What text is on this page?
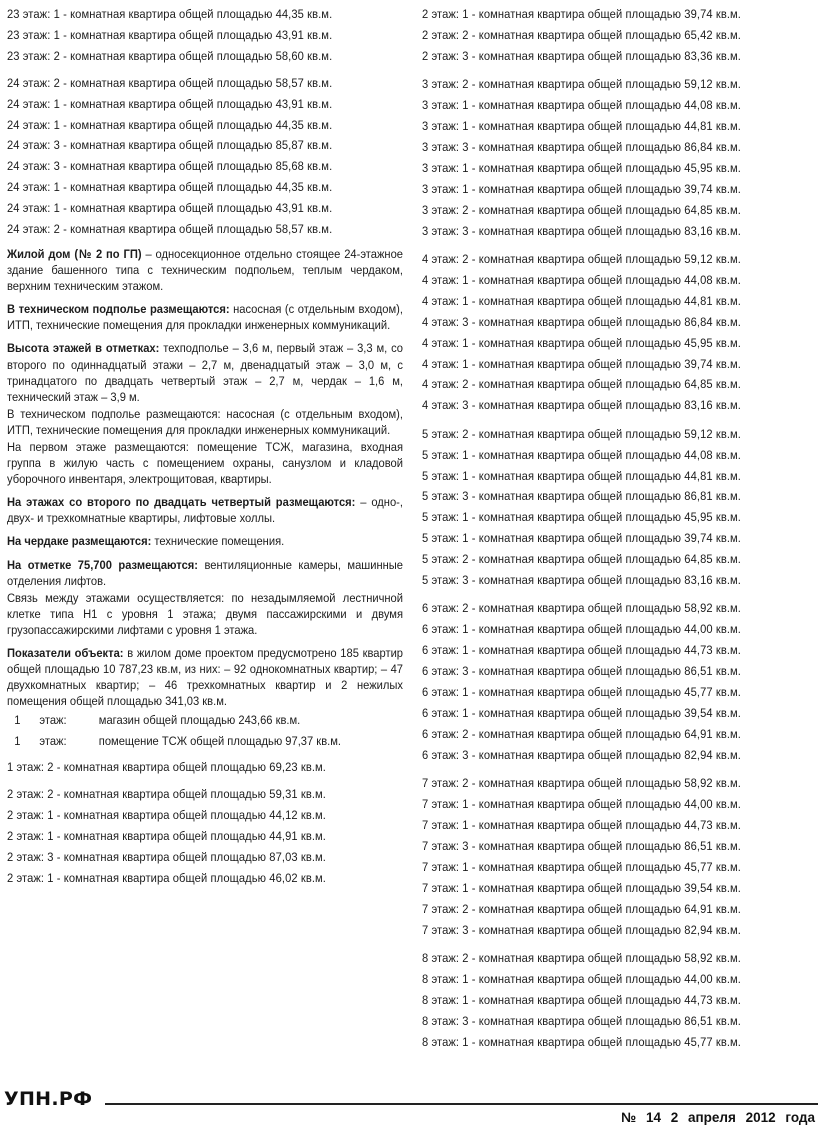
23 этаж: 1 - комнатная квартира общей площадью 44,35 кв.м.
23 этаж: 1 - комнатная квартира общей площадью 43,91 кв.м.
23 этаж: 2 - комнатная квартира общей площадью 58,60 кв.м.
24 этаж: 2 - комнатная квартира общей площадью 58,57 кв.м.
24 этаж: 1 - комнатная квартира общей площадью 43,91 кв.м.
24 этаж: 1 - комнатная квартира общей площадью 44,35 кв.м.
24 этаж: 3 - комнатная квартира общей площадью 85,87 кв.м.
24 этаж: 3 - комнатная квартира общей площадью 85,68 кв.м.
24 этаж: 1 - комнатная квартира общей площадью 44,35 кв.м.
24 этаж: 1 - комнатная квартира общей площадью 43,91 кв.м.
24 этаж: 2 - комнатная квартира общей площадью 58,57 кв.м.
Жилой дом (№ 2 по ГП) – односекционное отдельно стоящее 24-этажное здание башенного типа с техническим подпольем, теплым чердаком, верхним техническим этажом.
В техническом подполье размещаются: насосная (с отдельным входом), ИТП, технические помещения для прокладки инженерных коммуникаций.
Высота этажей в отметках: техподполье – 3,6 м, первый этаж – 3,3 м, со второго по одиннадцатый этажи – 2,7 м, двенадцатый этаж – 3,0 м, с тринадцатого по двадцать четвертый этаж – 2,7 м, чердак – 1,6 м, технический этаж – 3,9 м.
В техническом подполье размещаются: насосная (с отдельным входом), ИТП, технические помещения для прокладки инженерных коммуникаций.
На первом этаже размещаются: помещение ТСЖ, магазина, входная группа в жилую часть с помещением охраны, санузлом и кладовой уборочного инвентаря, электрощитовая, квартиры.
На этажах со второго по двадцать четвертый размещаются: – одно-, двух- и трехкомнатные квартиры, лифтовые холлы.
На чердаке размещаются: технические помещения.
На отметке 75,700 размещаются: вентиляционные камеры, машинные отделения лифтов.
Связь между этажами осуществляется: по незадымляемой лестничной клетке типа Н1 с уровня 1 этажа; двумя пассажирскими и двумя грузопассажирскими лифтами с уровня 1 этажа.
Показатели объекта: в жилом доме проектом предусмотрено 185 квартир общей площадью 10 787,23 кв.м, из них: – 92 однокомнатных квартир; – 47 двухкомнатных квартир; – 46 трехкомнатных квартир и 2 нежилых помещения общей площадью 341,03 кв.м.
1 этаж:	магазин общей площадью 243,66 кв.м.
1 этаж:	помещение ТСЖ общей площадью 97,37 кв.м.
1 этаж: 2 - комнатная квартира общей площадью 69,23 кв.м.
2 этаж: 2 - комнатная квартира общей площадью 59,31 кв.м.
2 этаж: 1 - комнатная квартира общей площадью 44,12 кв.м.
2 этаж: 1 - комнатная квартира общей площадью 44,91 кв.м.
2 этаж: 3 - комнатная квартира общей площадью 87,03 кв.м.
2 этаж: 1 - комнатная квартира общей площадью 46,02 кв.м.
2 этаж: 1 - комнатная квартира общей площадью 39,74 кв.м.
2 этаж: 2 - комнатная квартира общей площадью 65,42 кв.м.
2 этаж: 3 - комнатная квартира общей площадью 83,36 кв.м.
3 этаж: 2 - комнатная квартира общей площадью 59,12 кв.м.
3 этаж: 1 - комнатная квартира общей площадью 44,08 кв.м.
3 этаж: 1 - комнатная квартира общей площадью 44,81 кв.м.
3 этаж: 3 - комнатная квартира общей площадью 86,84 кв.м.
3 этаж: 1 - комнатная квартира общей площадью 45,95 кв.м.
3 этаж: 1 - комнатная квартира общей площадью 39,74 кв.м.
3 этаж: 2 - комнатная квартира общей площадью 64,85 кв.м.
3 этаж: 3 - комнатная квартира общей площадью 83,16 кв.м.
4 этаж: 2 - комнатная квартира общей площадью 59,12 кв.м.
4 этаж: 1 - комнатная квартира общей площадью 44,08 кв.м.
4 этаж: 1 - комнатная квартира общей площадью 44,81 кв.м.
4 этаж: 3 - комнатная квартира общей площадью 86,84 кв.м.
4 этаж: 1 - комнатная квартира общей площадью 45,95 кв.м.
4 этаж: 1 - комнатная квартира общей площадью 39,74 кв.м.
4 этаж: 2 - комнатная квартира общей площадью 64,85 кв.м.
4 этаж: 3 - комнатная квартира общей площадью 83,16 кв.м.
5 этаж: 2 - комнатная квартира общей площадью 59,12 кв.м.
5 этаж: 1 - комнатная квартира общей площадью 44,08 кв.м.
5 этаж: 1 - комнатная квартира общей площадью 44,81 кв.м.
5 этаж: 3 - комнатная квартира общей площадью 86,81 кв.м.
5 этаж: 1 - комнатная квартира общей площадью 45,95 кв.м.
5 этаж: 1 - комнатная квартира общей площадью 39,74 кв.м.
5 этаж: 2 - комнатная квартира общей площадью 64,85 кв.м.
5 этаж: 3 - комнатная квартира общей площадью 83,16 кв.м.
6 этаж: 2 - комнатная квартира общей площадью 58,92 кв.м.
6 этаж: 1 - комнатная квартира общей площадью 44,00 кв.м.
6 этаж: 1 - комнатная квартира общей площадью 44,73 кв.м.
6 этаж: 3 - комнатная квартира общей площадью 86,51 кв.м.
6 этаж: 1 - комнатная квартира общей площадью 45,77 кв.м.
6 этаж: 1 - комнатная квартира общей площадью 39,54 кв.м.
6 этаж: 2 - комнатная квартира общей площадью 64,91 кв.м.
6 этаж: 3 - комнатная квартира общей площадью 82,94 кв.м.
7 этаж: 2 - комнатная квартира общей площадью 58,92 кв.м.
7 этаж: 1 - комнатная квартира общей площадью 44,00 кв.м.
7 этаж: 1 - комнатная квартира общей площадью 44,73 кв.м.
7 этаж: 3 - комнатная квартира общей площадью 86,51 кв.м.
7 этаж: 1 - комнатная квартира общей площадью 45,77 кв.м.
7 этаж: 1 - комнатная квартира общей площадью 39,54 кв.м.
7 этаж: 2 - комнатная квартира общей площадью 64,91 кв.м.
7 этаж: 3 - комнатная квартира общей площадью 82,94 кв.м.
8 этаж: 2 - комнатная квартира общей площадью 58,92 кв.м.
8 этаж: 1 - комнатная квартира общей площадью 44,00 кв.м.
8 этаж: 1 - комнатная квартира общей площадью 44,73 кв.м.
8 этаж: 3 - комнатная квартира общей площадью 86,51 кв.м.
8 этаж: 1 - комнатная квартира общей площадью 45,77 кв.м.
УПН.РФ
№ 14 2 апреля 2012 года
